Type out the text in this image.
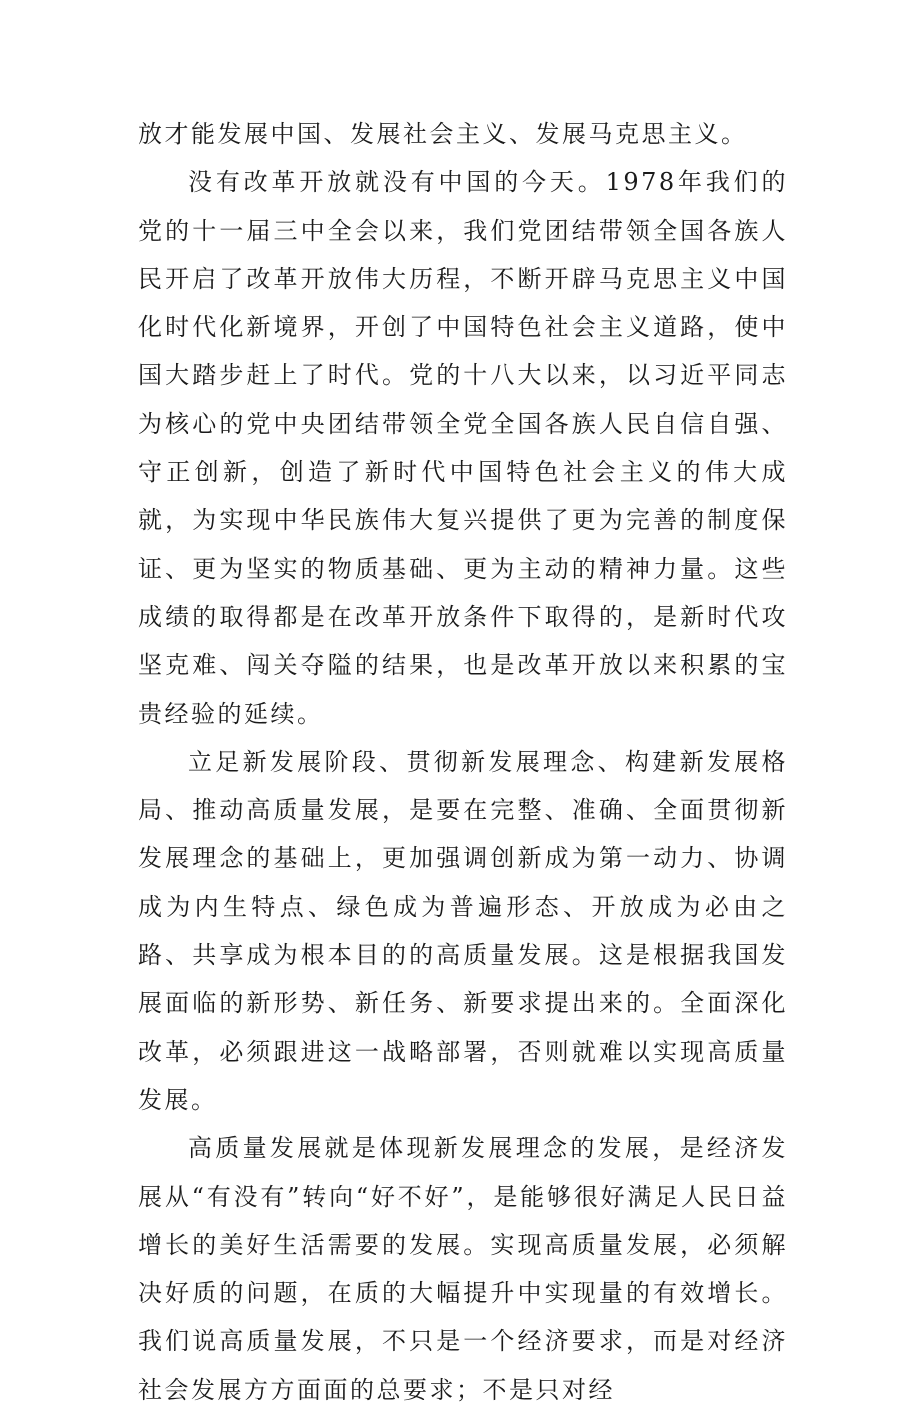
放才能发展中国、发展社会主义、发展马克思主义。

没有改革开放就没有中国的今天。1978年我们的党的十一届三中全会以来，我们党团结带领全国各族人民开启了改革开放伟大历程，不断开辟马克思主义中国化时代化新境界，开创了中国特色社会主义道路，使中国大踏步赶上了时代。党的十八大以来，以习近平同志为核心的党中央团结带领全党全国各族人民自信自强、守正创新，创造了新时代中国特色社会主义的伟大成就，为实现中华民族伟大复兴提供了更为完善的制度保证、更为坚实的物质基础、更为主动的精神力量。这些成绩的取得都是在改革开放条件下取得的，是新时代攻坚克难、闯关夺隘的结果，也是改革开放以来积累的宝贵经验的延续。

立足新发展阶段、贯彻新发展理念、构建新发展格局、推动高质量发展，是要在完整、准确、全面贯彻新发展理念的基础上，更加强调创新成为第一动力、协调成为内生特点、绿色成为普遍形态、开放成为必由之路、共享成为根本目的的高质量发展。这是根据我国发展面临的新形势、新任务、新要求提出来的。全面深化改革，必须跟进这一战略部署，否则就难以实现高质量发展。

高质量发展就是体现新发展理念的发展，是经济发展从“有没有”转向“好不好”，是能够很好满足人民日益增长的美好生活需要的发展。实现高质量发展，必须解决好质的问题，在质的大幅提升中实现量的有效增长。我们说高质量发展，不只是一个经济要求，而是对经济社会发展方方面面的总要求；不是只对经
